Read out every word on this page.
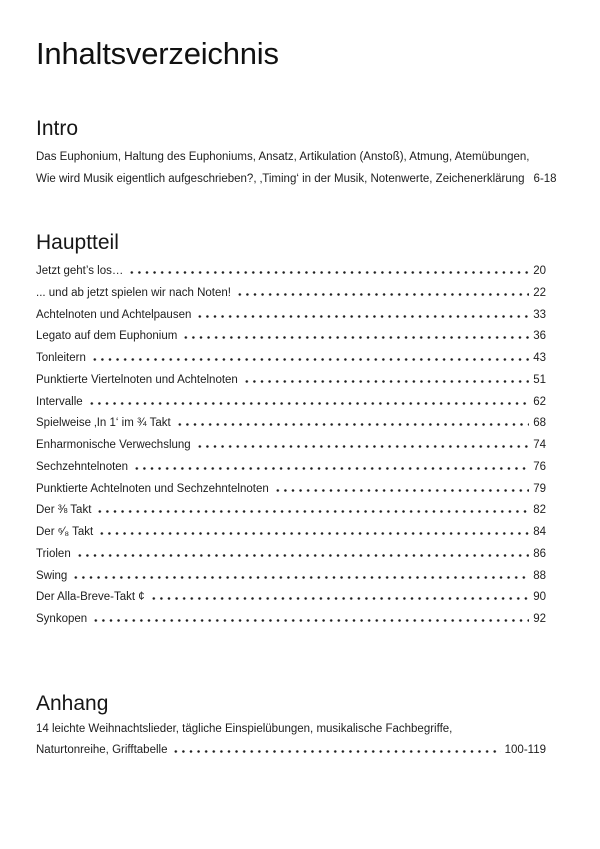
Inhaltsverzeichnis
Intro
Das Euphonium, Haltung des Euphoniums, Ansatz, Artikulation (Anstoß), Atmung, Atemübungen,
Wie wird Musik eigentlich aufgeschrieben?, ‚Timing‘ in der Musik, Notenwerte, Zeichenerklärung 6-18
Hauptteil
Jetzt geht’s los…	20
... und ab jetzt spielen wir nach Noten!	22
Achtelnoten und Achtelpausen	33
Legato auf dem Euphonium	36
Tonleitern	43
Punktierte Viertelnoten und Achtelnoten	51
Intervalle	62
Spielweise ‚In 1‘ im ¾ Takt	68
Enharmonische Verwechslung	74
Sechzehntelnoten	76
Punktierte Achtelnoten und Sechzehntelnoten	79
Der ⅜ Takt	82
Der ⁶⁄₈ Takt	84
Triolen	86
Swing	88
Der Alla-Breve-Takt ¢	90
Synkopen	92
Anhang
14 leichte Weihnachtslieder, tägliche Einspielübungen, musikalische Fachbegriffe,
Naturtonreihe, Grifftabelle	100-119
